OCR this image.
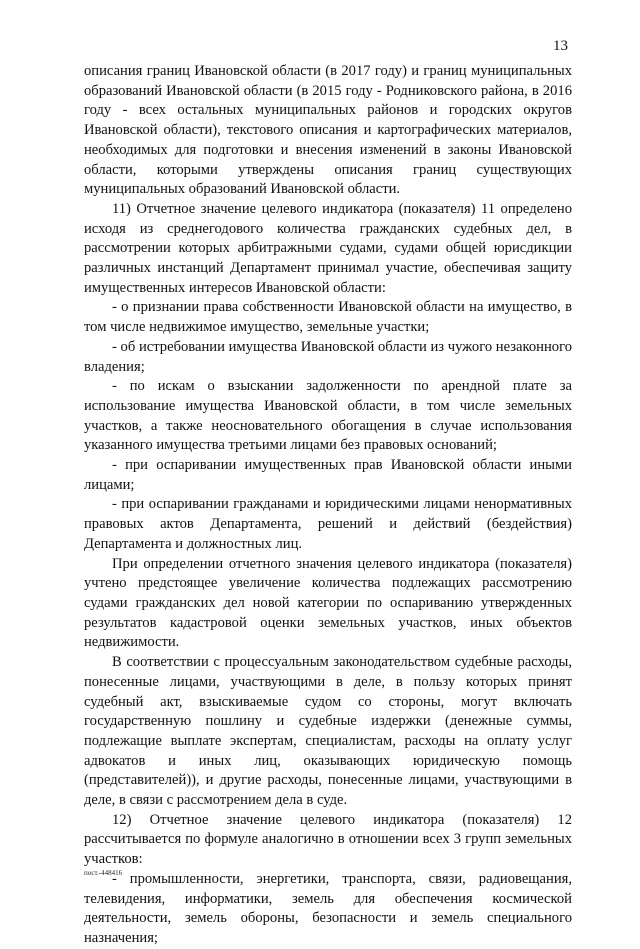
13

описания границ Ивановской области (в 2017 году) и границ муниципальных образований Ивановской области (в 2015 году - Родниковского района, в 2016 году - всех остальных муниципальных районов и городских округов Ивановской области), текстового описания и картографических материалов, необходимых для подготовки и внесения изменений в законы Ивановской области, которыми утверждены описания границ существующих муниципальных образований Ивановской области.

11) Отчетное значение целевого индикатора (показателя) 11 определено исходя из среднегодового количества гражданских судебных дел, в рассмотрении которых арбитражными судами, судами общей юрисдикции различных инстанций Департамент принимал участие, обеспечивая защиту имущественных интересов Ивановской области:

- о признании права собственности Ивановской области на имущество, в том числе недвижимое имущество, земельные участки;

- об истребовании имущества Ивановской области из чужого незаконного владения;

- по искам о взыскании задолженности по арендной плате за использование имущества Ивановской области, в том числе земельных участков, а также неосновательного обогащения в случае использования указанного имущества третьими лицами без правовых оснований;

- при оспаривании имущественных прав Ивановской области иными лицами;

- при оспаривании гражданами и юридическими лицами ненормативных правовых актов Департамента, решений и действий (бездействия) Департамента и должностных лиц.

При определении отчетного значения целевого индикатора (показателя) учтено предстоящее увеличение количества подлежащих рассмотрению судами гражданских дел новой категории по оспариванию утвержденных результатов кадастровой оценки земельных участков, иных объектов недвижимости.

В соответствии с процессуальным законодательством судебные расходы, понесенные лицами, участвующими в деле, в пользу которых принят судебный акт, взыскиваемые судом со стороны, могут включать государственную пошлину и судебные издержки (денежные суммы, подлежащие выплате экспертам, специалистам, расходы на оплату услуг адвокатов и иных лиц, оказывающих юридическую помощь (представителей)), и другие расходы, понесенные лицами, участвующими в деле, в связи с рассмотрением дела в суде.

12) Отчетное значение целевого индикатора (показателя) 12 рассчитывается по формуле аналогично в отношении всех 3 групп земельных участков:

- промышленности, энергетики, транспорта, связи, радиовещания, телевидения, информатики, земель для обеспечения космической деятельности, земель обороны, безопасности и земель специального назначения;

пост.-448416
